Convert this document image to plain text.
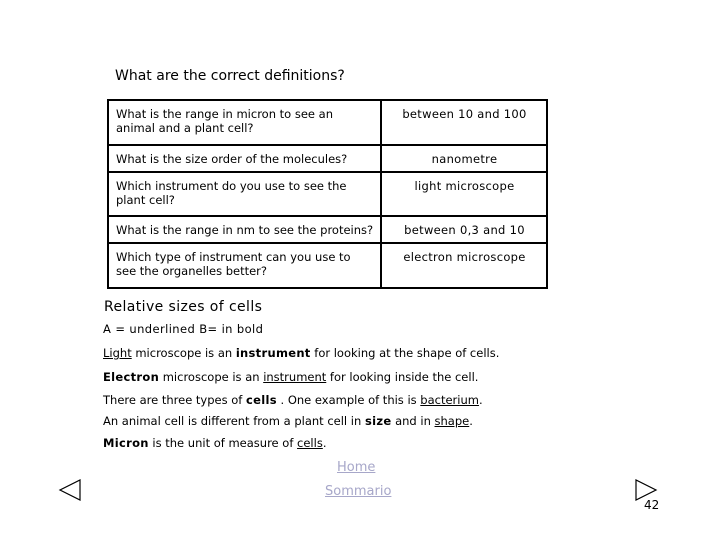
What are the correct definitions?
What is the range in micron to see an animal and a plant cell?	between 10 and 100
What is the size order of the molecules?	nanometre
Which instrument do you use to see the plant cell?	light microscope
What is the range in nm to see the proteins?	between 0,3 and 10
Which type of instrument can you use to see the organelles better?	electron microscope
Relative sizes of cells
A = underlined B= in bold
Light microscope is an instrument for looking at the shape of cells.
Electron microscope is an instrument for looking inside the cell.
There are three types of cells . One example of this is bacterium.
An animal cell is different from a plant cell in size and in shape.
Micron is the unit of measure of cells.
Home
Sommario
42
